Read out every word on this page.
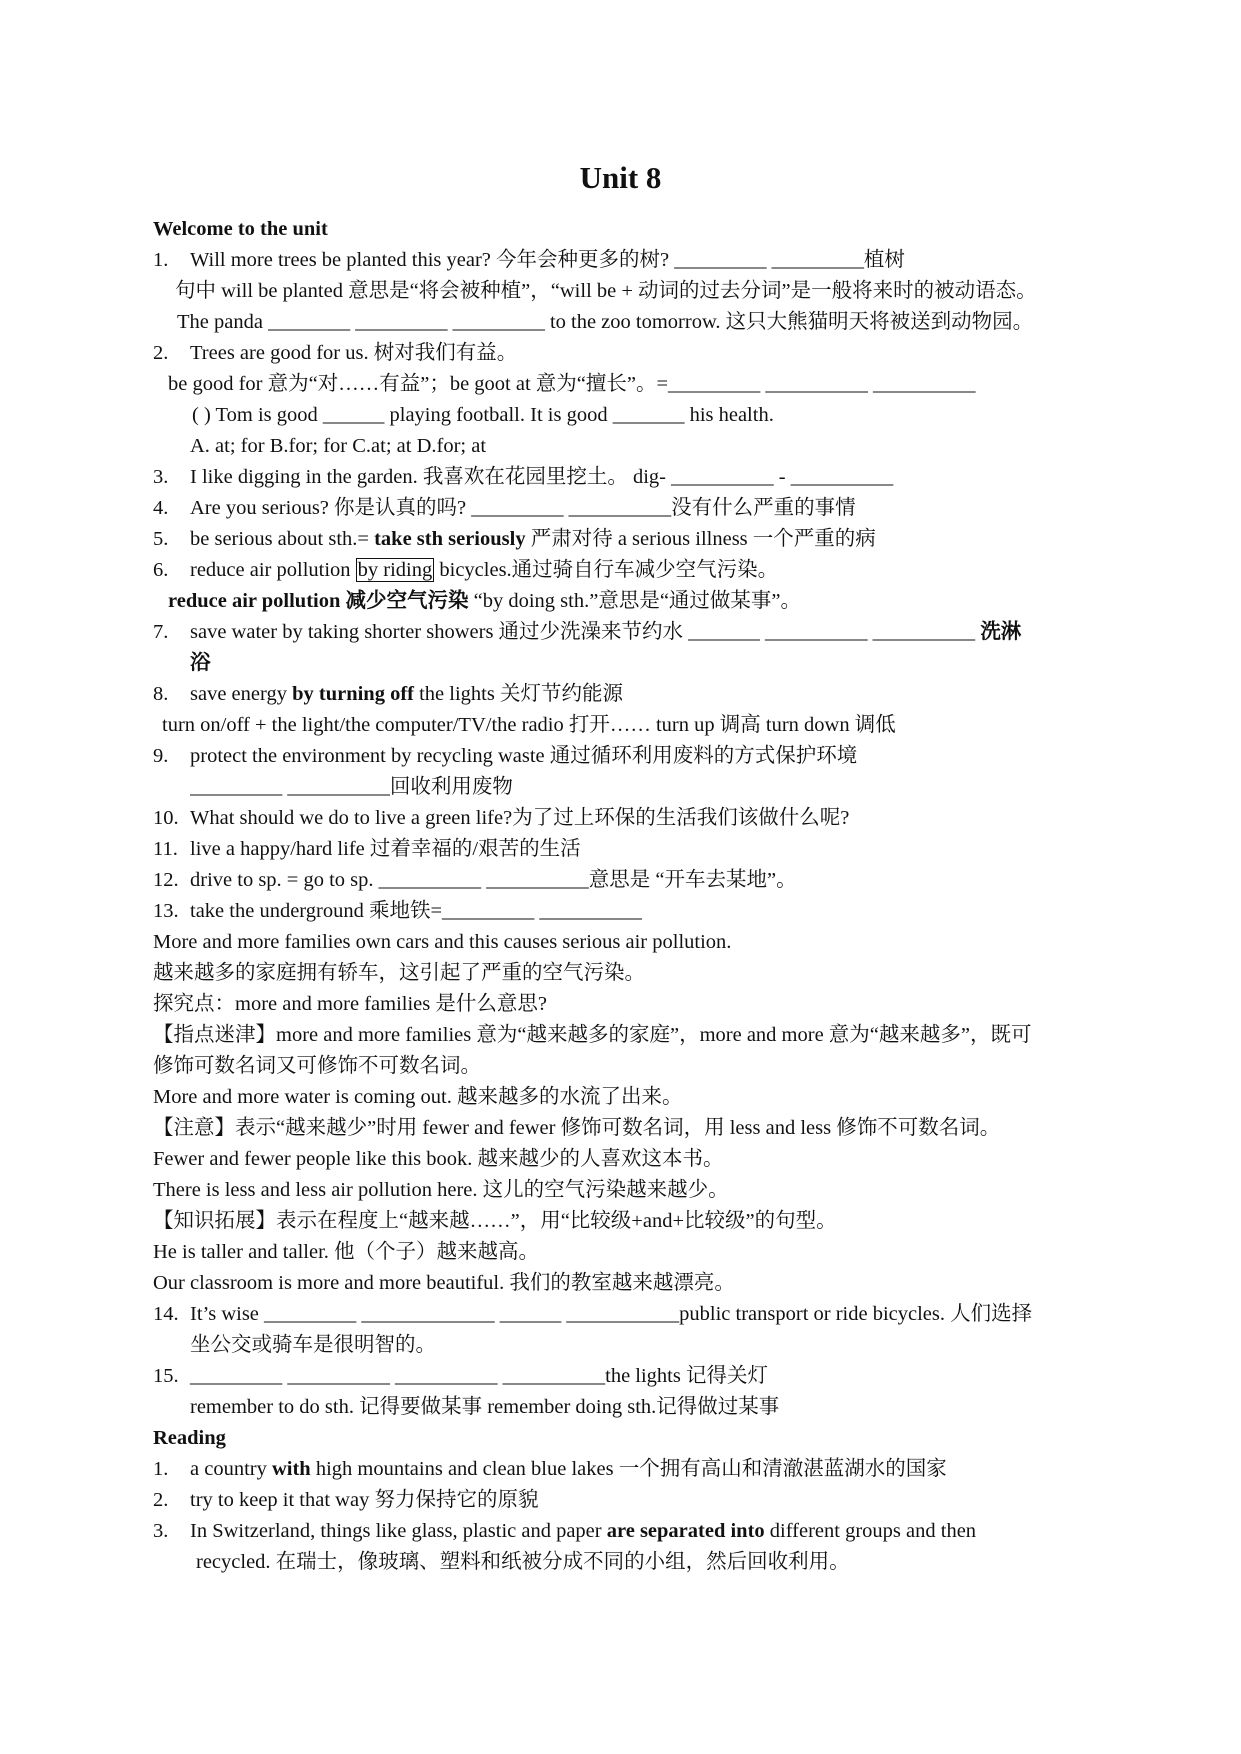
Unit 8
Welcome to the unit
1. Will more trees be planted this year? 今年会种更多的树? _________ _________植树
句中 will be planted 意思是“将会被种植”，“will be + 动词的过去分词”是一般将来时的被动语态。
The panda ________ _________ _________ to the zoo tomorrow. 这只大熊猫明天将被送到动物园。
2. Trees are good for us. 树对我们有益。
be good for 意为“对……有益”；be goot at 意为“擅长”。=_________ __________ __________
( ) Tom is good ______ playing football. It is good _______ his health.
A. at; for B.for; for C.at; at D.for; at
3. I like digging in the garden. 我喜欢在花园里挖土。 dig- __________ - __________
4. Are you serious? 你是认真的吗? _________ __________没有什么严重的事情
5. be serious about sth.= take sth seriously 严肃对待 a serious illness 一个严重的病
6. reduce air pollution by riding bicycles.通过骑自行车减少空气污染。
reduce air pollution 减少空气污染 “by doing sth.”意思是“通过做某事”。
7. save water by taking shorter showers 通过少洗澡来节约水 _______ __________ __________ 洗淋
浴
8. save energy by turning off the lights 关灯节约能源
turn on/off + the light/the computer/TV/the radio 打开…… turn up 调高 turn down 调低
9. protect the environment by recycling waste 通过循环利用废料的方式保护环境
_________ __________回收利用废物
10. What should we do to live a green life?为了过上环保的生活我们该做什么呢?
11. live a happy/hard life 过着幸福的/艰苦的生活
12. drive to sp. = go to sp. __________ __________意思是 “开车去某地”。
13. take the underground 乘地铁=_________ __________
More and more families own cars and this causes serious air pollution.
越来越多的家庭拥有轿车，这引起了严重的空气污染。
探究点：more and more families 是什么意思?
【指点迷津】more and more families 意为“越来越多的家庭”，more and more 意为“越来越多”，既可
修饰可数名词又可修饰不可数名词。
More and more water is coming out. 越来越多的水流了出来。
【注意】表示“越来越少”时用 fewer and fewer 修饰可数名词，用 less and less 修饰不可数名词。
Fewer and fewer people like this book. 越来越少的人喜欢这本书。
There is less and less air pollution here. 这儿的空气污染越来越少。
【知识拓展】表示在程度上“越来越……”，用“比较级+and+比较级”的句型。
He is taller and taller. 他（个子）越来越高。
Our classroom is more and more beautiful. 我们的教室越来越漂亮。
14. It’s wise _________ _____________ ______ ___________public transport or ride bicycles. 人们选择
坐公交或骑车是很明智的。
15. _________ __________ __________ __________the lights 记得关灯
remember to do sth. 记得要做某事 remember doing sth.记得做过某事
Reading
1. a country with high mountains and clean blue lakes 一个拥有高山和清澈湛蓝湖水的国家
2. try to keep it that way 努力保持它的原貌
3. In Switzerland, things like glass, plastic and paper are separated into different groups and then
recycled. 在瑞士，像玻璃、塑料和纸被分成不同的小组，然后回收利用。
